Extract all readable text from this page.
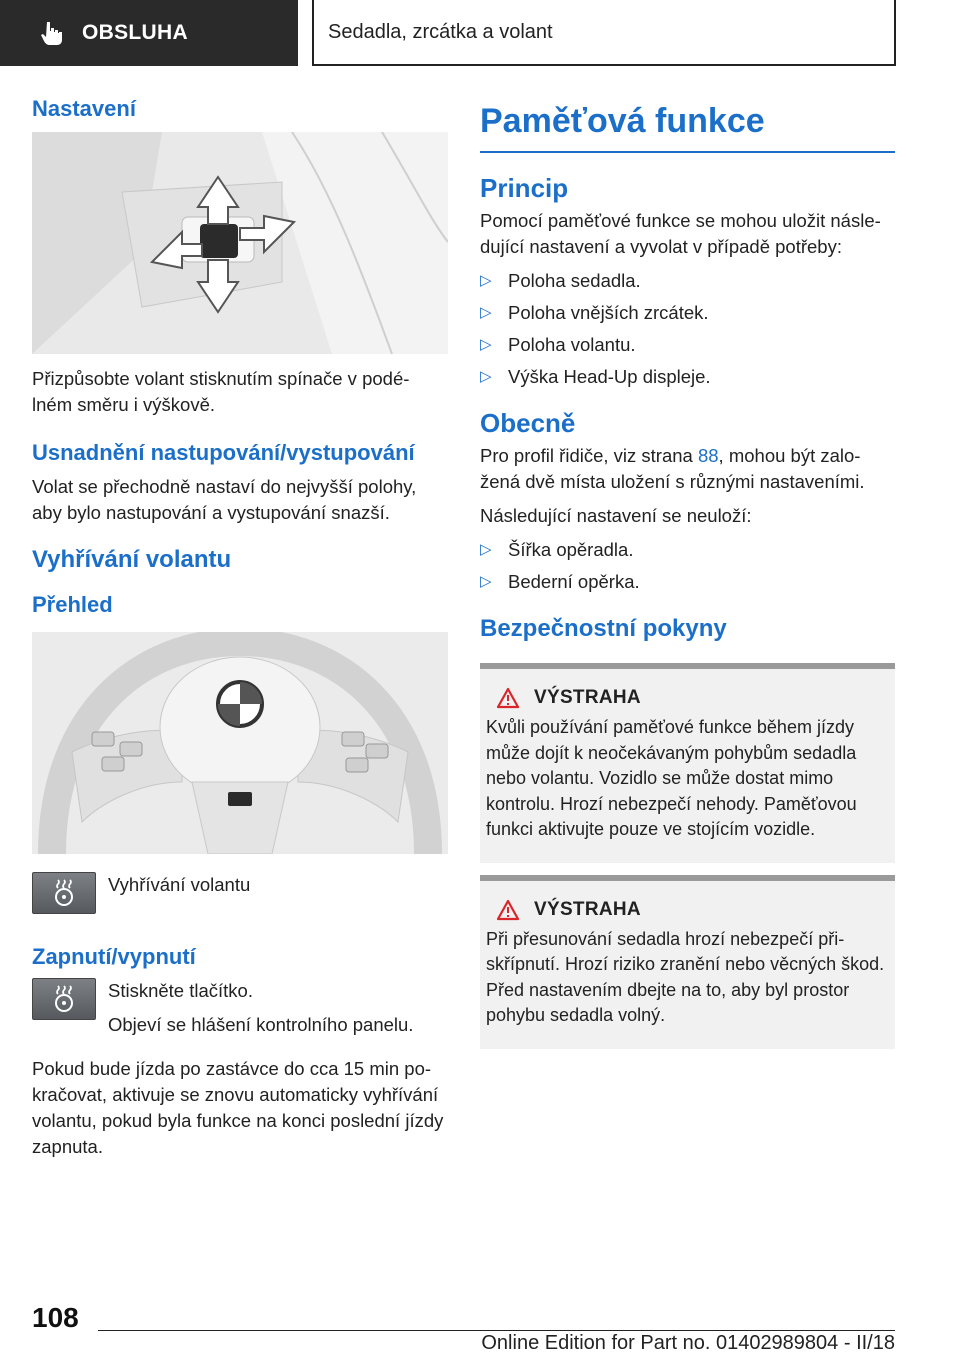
OBSLUHA	Sedadla, zrcátka a volant
Nastavení

Přizpůsobte volant stisknutím spínače v podé-lném směru i výškově.

Usnadnění nastupování/vystupování

Volat se přechodně nastaví do nejvyšší polohy, aby bylo nastupování a vystupování snazší.

Vyhřívání volantu
Přehled

Vyhřívání volantu

Zapnutí/vypnutí

Stiskněte tlačítko.

Objeví se hlášení kontrolního panelu.

Pokud bude jízda po zastávce do cca 15 min po-kračovat, aktivuje se znovu automaticky vyhřívání volantu, pokud byla funkce na konci poslední jízdy zapnuta.

Paměťová funkce
Princip

Pomocí paměťové funkce se mohou uložit násle-dující nastavení a vyvolat v případě potřeby:

▷ Poloha sedadla.
▷ Poloha vnějších zrcátek.
▷ Poloha volantu.
▷ Výška Head-Up displeje.
Obecně

Pro profil řidiče, viz strana 88, mohou být zalo-žená dvě místa uložení s různými nastaveními.

Následující nastavení se neuloží:

▷ Šířka opěradla.
▷ Bederní opěrka.
Bezpečnostní pokyny
VÝSTRAHA

Kvůli používání paměťové funkce během jízdy může dojít k neočekávaným pohybům sedadla nebo volantu. Vozidlo se může dostat mimo kontrolu. Hrozí nebezpečí nehody. Paměťovou funkci aktivujte pouze ve stojícím vozidle.

VÝSTRAHA

Při přesunování sedadla hrozí nebezpečí při-skřípnutí. Hrozí riziko zranění nebo věcných škod. Před nastavením dbejte na to, aby byl prostor pohybu sedadla volný.

108
Online Edition for Part no. 01402989804 - II/18
